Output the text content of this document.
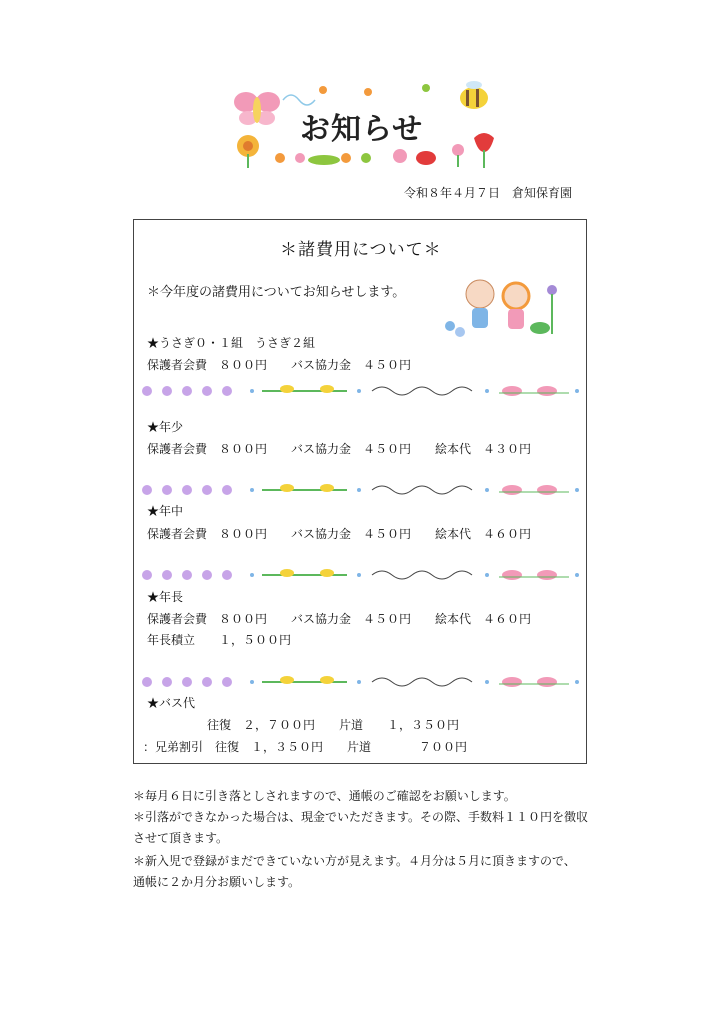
お知らせ
令和８年４月７日　倉知保育園
＊諸費用について＊
＊今年度の諸費用についてお知らせします。
★うさぎ０・１組　うさぎ２組
保護者会費　８００円　　バス協力金　４５０円
★年少
保護者会費　８００円　　バス協力金　４５０円　　絵本代　４３０円
★年中
保護者会費　８００円　　バス協力金　４５０円　　絵本代　４６０円
★年長
保護者会費　８００円　　バス協力金　４５０円　　絵本代　４６０円
年長積立　　１，５００円
★バス代
　　　　　往復　２，７００円　　片道　　１，３５０円
：兄弟割引　往復　１，３５０円　　片道　　　　７００円
＊毎月６日に引き落としされますので、通帳のご確認をお願いします。
＊引落ができなかった場合は、現金でいただきます。その際、手数料１１０円を徴収
させて頂きます。
＊新入児で登録がまだできていない方が見えます。４月分は５月に頂きますので、
通帳に２か月分お願いします。
